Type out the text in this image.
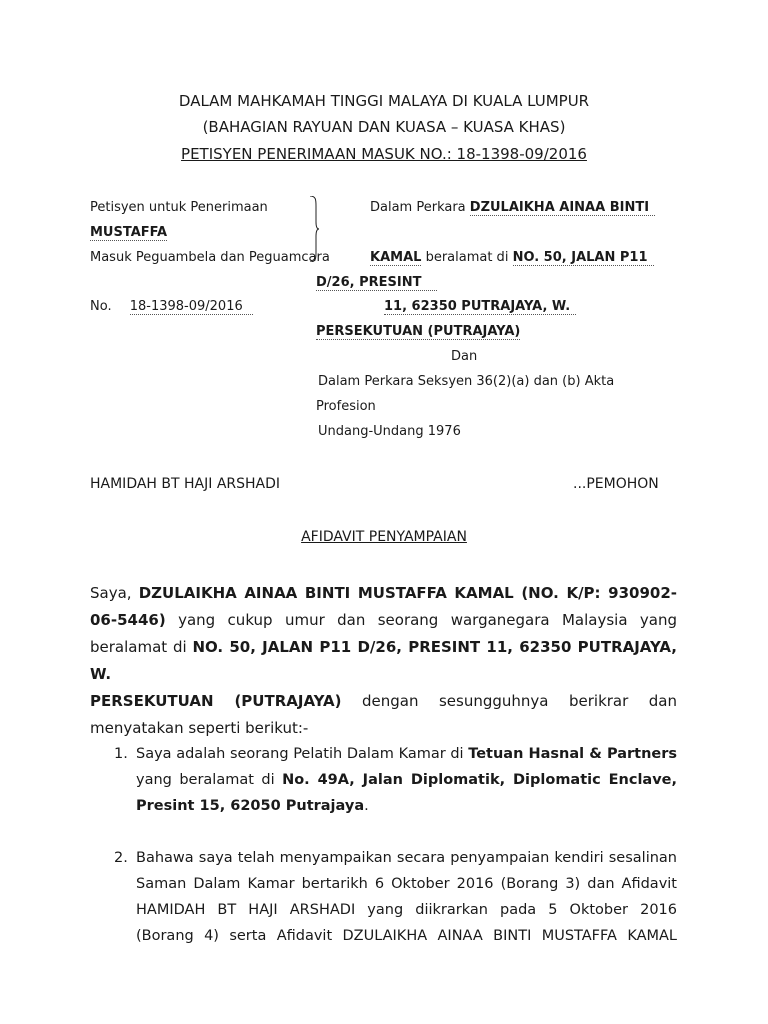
DALAM MAHKAMAH TINGGI MALAYA DI KUALA LUMPUR
(BAHAGIAN RAYUAN DAN KUASA – KUASA KHAS)
PETISYEN PENERIMAAN MASUK NO.: 18-1398-09/2016
Petisyen untuk Penerimaan
MUSTAFFA
Masuk Peguambela dan Peguamcara
No. 18-1398-09/2016
Dalam Perkara DZULAIKHA AINAA BINTI
KAMAL beralamat di NO. 50, JALAN P11
D/26, PRESINT
11, 62350 PUTRAJAYA, W.
PERSEKUTUAN (PUTRAJAYA)
Dan
Dalam Perkara Seksyen 36(2)(a) dan (b) Akta
Profesion
Undang-Undang 1976
HAMIDAH BT HAJI ARSHADI	...PEMOHON
AFIDAVIT PENYAMPAIAN
Saya, DZULAIKHA AINAA BINTI MUSTAFFA KAMAL (NO. K/P: 930902-
06-5446) yang cukup umur dan seorang warganegara Malaysia yang
beralamat di NO. 50, JALAN P11 D/26, PRESINT 11, 62350 PUTRAJAYA, W.
PERSEKUTUAN (PUTRAJAYA) dengan sesungguhnya berikrar dan
menyatakan seperti berikut:-
1. Saya adalah seorang Pelatih Dalam Kamar di Tetuan Hasnal & Partners
yang beralamat di No. 49A, Jalan Diplomatik, Diplomatic Enclave,
Presint 15, 62050 Putrajaya.
2. Bahawa saya telah menyampaikan secara penyampaian kendiri sesalinan
Saman Dalam Kamar bertarikh 6 Oktober 2016 (Borang 3) dan Afidavit
HAMIDAH BT HAJI ARSHADI yang diikrarkan pada 5 Oktober 2016
(Borang 4) serta Afidavit DZULAIKHA AINAA BINTI MUSTAFFA KAMAL
